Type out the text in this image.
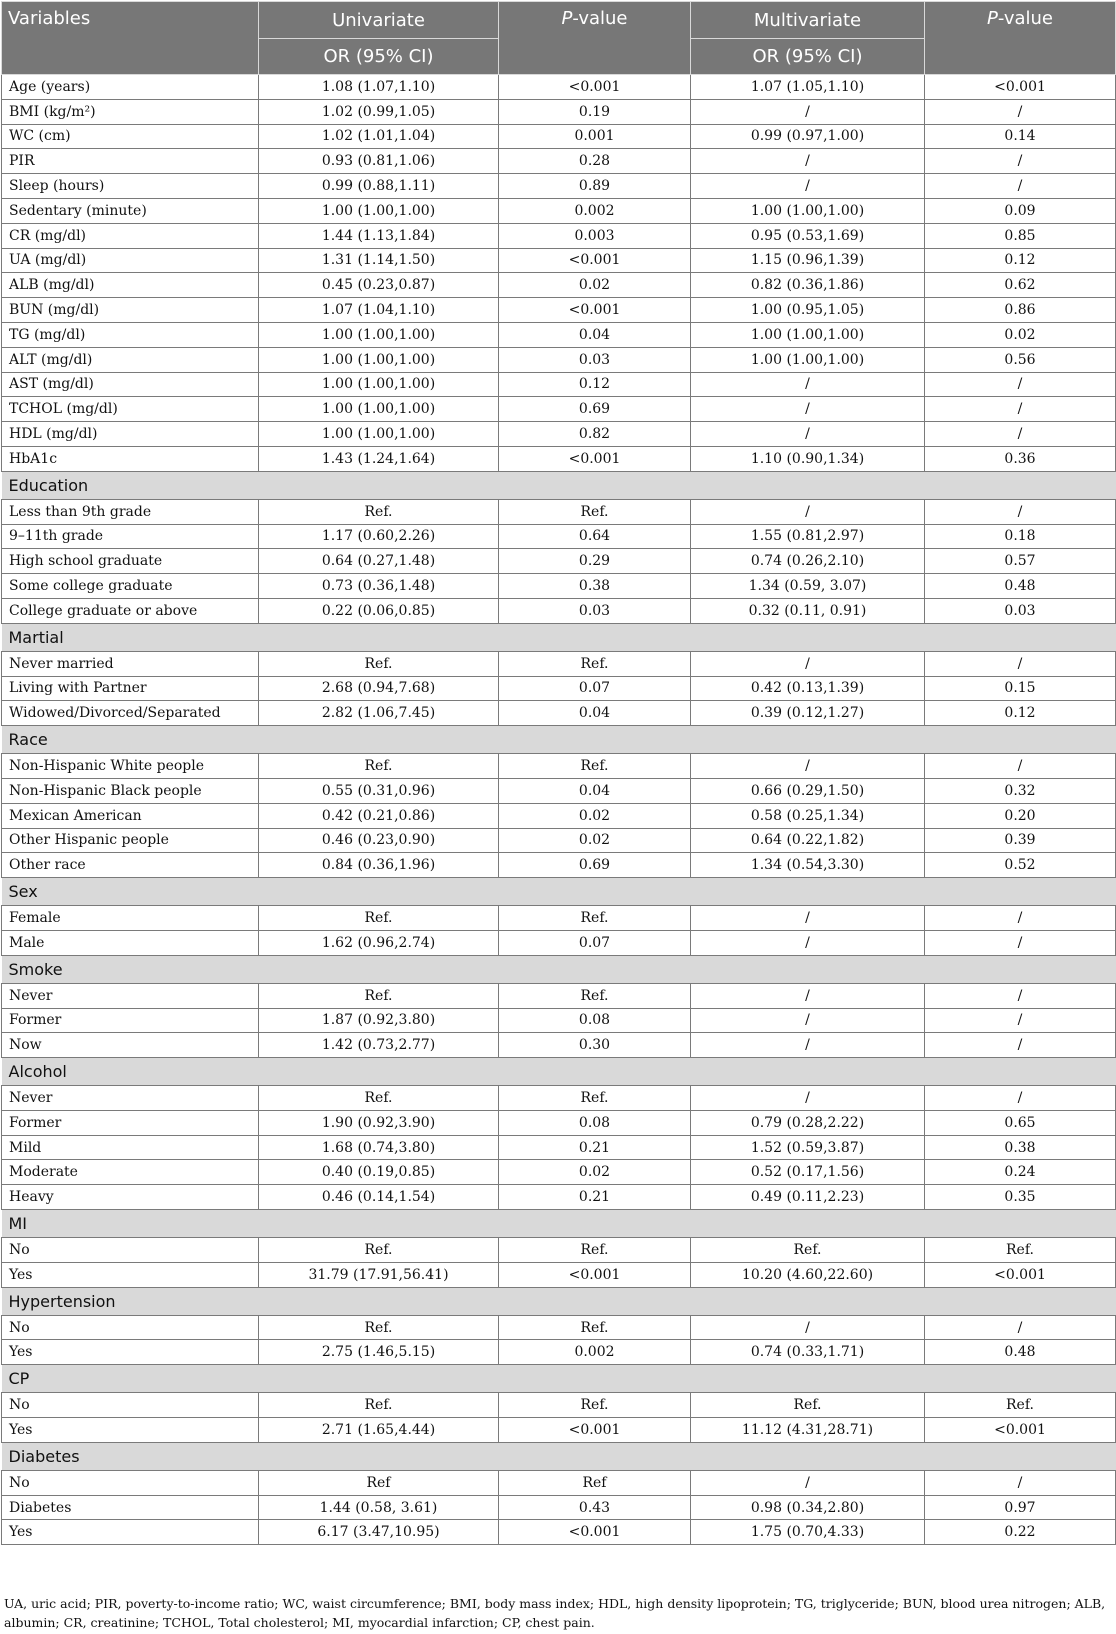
Variables	Univariate	P-value	Multivariate	P-value
	OR (95% CI)		OR (95% CI)	
Age (years)	1.08 (1.07,1.10)	<0.001	1.07 (1.05,1.10)	<0.001
BMI (kg/m²)	1.02 (0.99,1.05)	0.19	/	/
WC (cm)	1.02 (1.01,1.04)	0.001	0.99 (0.97,1.00)	0.14
PIR	0.93 (0.81,1.06)	0.28	/	/
Sleep (hours)	0.99 (0.88,1.11)	0.89	/	/
Sedentary (minute)	1.00 (1.00,1.00)	0.002	1.00 (1.00,1.00)	0.09
CR (mg/dl)	1.44 (1.13,1.84)	0.003	0.95 (0.53,1.69)	0.85
UA (mg/dl)	1.31 (1.14,1.50)	<0.001	1.15 (0.96,1.39)	0.12
ALB (mg/dl)	0.45 (0.23,0.87)	0.02	0.82 (0.36,1.86)	0.62
BUN (mg/dl)	1.07 (1.04,1.10)	<0.001	1.00 (0.95,1.05)	0.86
TG (mg/dl)	1.00 (1.00,1.00)	0.04	1.00 (1.00,1.00)	0.02
ALT (mg/dl)	1.00 (1.00,1.00)	0.03	1.00 (1.00,1.00)	0.56
AST (mg/dl)	1.00 (1.00,1.00)	0.12	/	/
TCHOL (mg/dl)	1.00 (1.00,1.00)	0.69	/	/
HDL (mg/dl)	1.00 (1.00,1.00)	0.82	/	/
HbA1c	1.43 (1.24,1.64)	<0.001	1.10 (0.90,1.34)	0.36
Education				
Less than 9th grade	Ref.	Ref.	/	/
9–11th grade	1.17 (0.60,2.26)	0.64	1.55 (0.81,2.97)	0.18
High school graduate	0.64 (0.27,1.48)	0.29	0.74 (0.26,2.10)	0.57
Some college graduate	0.73 (0.36,1.48)	0.38	1.34 (0.59, 3.07)	0.48
College graduate or above	0.22 (0.06,0.85)	0.03	0.32 (0.11, 0.91)	0.03
Martial				
Never married	Ref.	Ref.	/	/
Living with Partner	2.68 (0.94,7.68)	0.07	0.42 (0.13,1.39)	0.15
Widowed/Divorced/Separated	2.82 (1.06,7.45)	0.04	0.39 (0.12,1.27)	0.12
Race				
Non-Hispanic White people	Ref.	Ref.	/	/
Non-Hispanic Black people	0.55 (0.31,0.96)	0.04	0.66 (0.29,1.50)	0.32
Mexican American	0.42 (0.21,0.86)	0.02	0.58 (0.25,1.34)	0.20
Other Hispanic people	0.46 (0.23,0.90)	0.02	0.64 (0.22,1.82)	0.39
Other race	0.84 (0.36,1.96)	0.69	1.34 (0.54,3.30)	0.52
Sex				
Female	Ref.	Ref.	/	/
Male	1.62 (0.96,2.74)	0.07	/	/
Smoke				
Never	Ref.	Ref.	/	/
Former	1.87 (0.92,3.80)	0.08	/	/
Now	1.42 (0.73,2.77)	0.30	/	/
Alcohol				
Never	Ref.	Ref.	/	/
Former	1.90 (0.92,3.90)	0.08	0.79 (0.28,2.22)	0.65
Mild	1.68 (0.74,3.80)	0.21	1.52 (0.59,3.87)	0.38
Moderate	0.40 (0.19,0.85)	0.02	0.52 (0.17,1.56)	0.24
Heavy	0.46 (0.14,1.54)	0.21	0.49 (0.11,2.23)	0.35
MI				
No	Ref.	Ref.	Ref.	Ref.
Yes	31.79 (17.91,56.41)	<0.001	10.20 (4.60,22.60)	<0.001
Hypertension				
No	Ref.	Ref.	/	/
Yes	2.75 (1.46,5.15)	0.002	0.74 (0.33,1.71)	0.48
CP				
No	Ref.	Ref.	Ref.	Ref.
Yes	2.71 (1.65,4.44)	<0.001	11.12 (4.31,28.71)	<0.001
Diabetes				
No	Ref	Ref	/	/
Diabetes	1.44 (0.58, 3.61)	0.43	0.98 (0.34,2.80)	0.97
Yes	6.17 (3.47,10.95)	<0.001	1.75 (0.70,4.33)	0.22
UA, uric acid; PIR, poverty-to-income ratio; WC, waist circumference; BMI, body mass index; HDL, high density lipoprotein; TG, triglyceride; BUN, blood urea nitrogen; ALB, albumin; CR, creatinine; TCHOL, Total cholesterol; MI, myocardial infarction; CP, chest pain.
